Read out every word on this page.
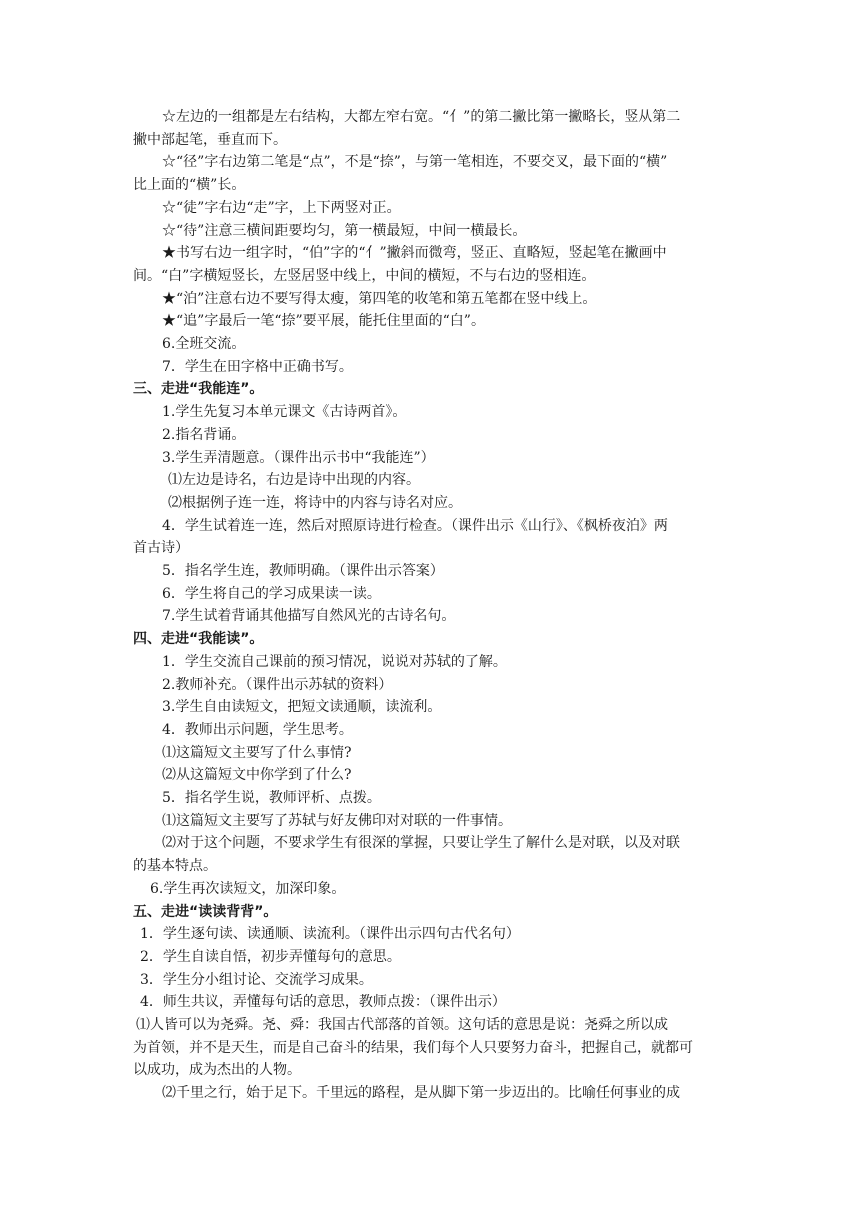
☆左边的一组都是左右结构，大都左窄右宽。“亻”的第二撇比第一撇略长，竖从第二
撇中部起笔，垂直而下。
☆“径”字右边第二笔是“点”，不是“捺”，与第一笔相连，不要交叉，最下面的“横”
比上面的“横”长。
☆“徒”字右边“走”字，上下两竖对正。
☆“待”注意三横间距要均匀，第一横最短，中间一横最长。
★书写右边一组字时，“伯”字的“亻”撇斜而微弯，竖正、直略短，竖起笔在撇画中
间。“白”字横短竖长，左竖居竖中线上，中间的横短，不与右边的竖相连。
★“泊”注意右边不要写得太瘦，第四笔的收笔和第五笔都在竖中线上。
★“追”字最后一笔“捺”要平展，能托住里面的“白”。
6.全班交流。
7．学生在田字格中正确书写。
三、走进“我能连”。
1.学生先复习本单元课文《古诗两首》。
2.指名背诵。
3.学生弄清题意。（课件出示书中“我能连”）
⑴左边是诗名，右边是诗中出现的内容。
⑵根据例子连一连，将诗中的内容与诗名对应。
4．学生试着连一连，然后对照原诗进行检查。（课件出示《山行》、《枫桥夜泊》两
首古诗）
5．指名学生连，教师明确。（课件出示答案）
6．学生将自己的学习成果读一读。
7.学生试着背诵其他描写自然风光的古诗名句。
四、走进“我能读”。
1．学生交流自己课前的预习情况，说说对苏轼的了解。
2.教师补充。（课件出示苏轼的资料）
3.学生自由读短文，把短文读通顺，读流利。
4．教师出示问题，学生思考。
⑴这篇短文主要写了什么事情?
⑵从这篇短文中你学到了什么?
5．指名学生说，教师评析、点拨。
⑴这篇短文主要写了苏轼与好友佛印对对联的一件事情。
⑵对于这个问题，不要求学生有很深的掌握，只要让学生了解什么是对联，以及对联
的基本特点。
6.学生再次读短文，加深印象。
五、走进“读读背背”。
1．学生逐句读、读通顺、读流利。（课件出示四句古代名句）
2．学生自读自悟，初步弄懂每句的意思。
3．学生分小组讨论、交流学习成果。
4．师生共议，弄懂每句话的意思，教师点拨：（课件出示）
⑴人皆可以为尧舜。尧、舜：我国古代部落的首领。这句话的意思是说：尧舜之所以成
为首领，并不是天生，而是自己奋斗的结果，我们每个人只要努力奋斗，把握自己，就都可
以成功，成为杰出的人物。
⑵千里之行，始于足下。千里远的路程，是从脚下第一步迈出的。比喻任何事业的成
